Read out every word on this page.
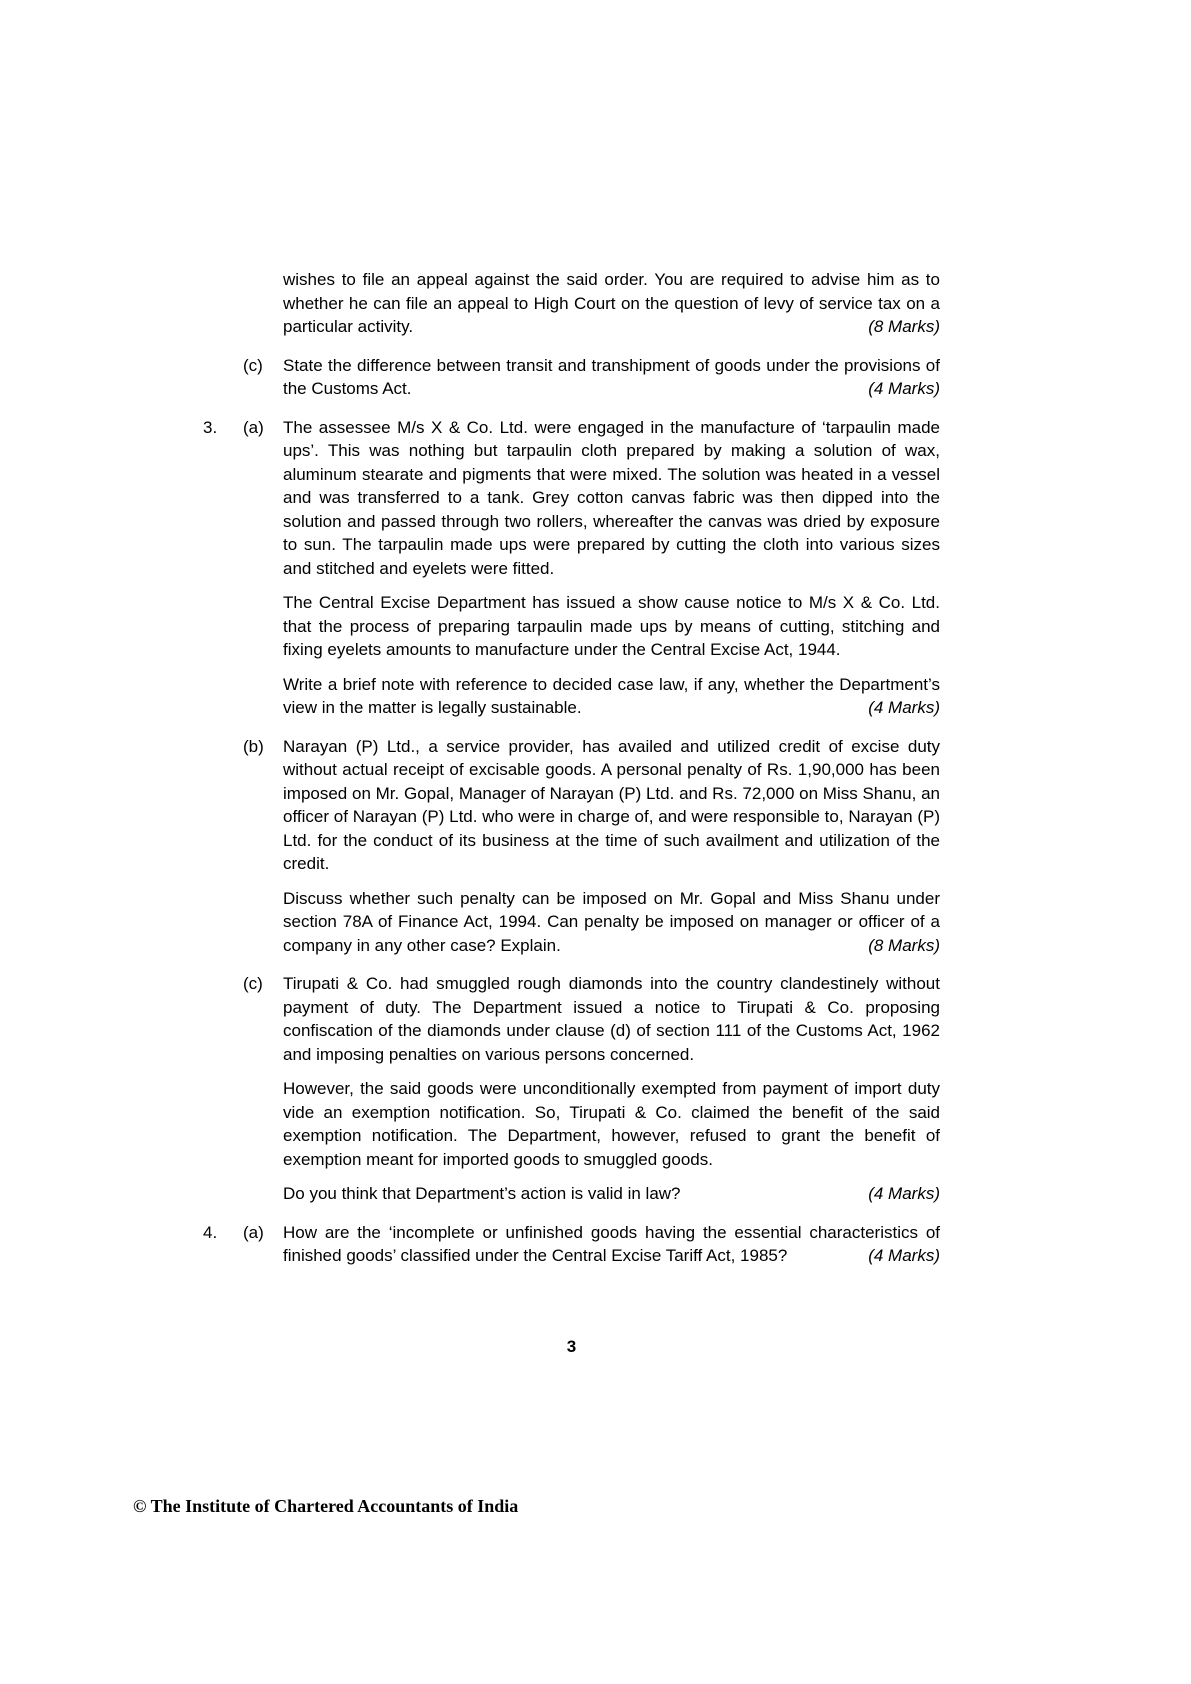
wishes to file an appeal against the said order. You are required to advise him as to whether he can file an appeal to High Court on the question of levy of service tax on a particular activity.	(8 Marks)
(c)	State the difference between transit and transhipment of goods under the provisions of the Customs Act.	(4 Marks)
3.	(a)	The assessee M/s X & Co. Ltd. were engaged in the manufacture of ‘tarpaulin made ups’. This was nothing but tarpaulin cloth prepared by making a solution of wax, aluminum stearate and pigments that were mixed. The solution was heated in a vessel and was transferred to a tank. Grey cotton canvas fabric was then dipped into the solution and passed through two rollers, whereafter the canvas was dried by exposure to sun. The tarpaulin made ups were prepared by cutting the cloth into various sizes and stitched and eyelets were fitted.
The Central Excise Department has issued a show cause notice to M/s X & Co. Ltd. that the process of preparing tarpaulin made ups by means of cutting, stitching and fixing eyelets amounts to manufacture under the Central Excise Act, 1944.
Write a brief note with reference to decided case law, if any, whether the Department’s view in the matter is legally sustainable.	(4 Marks)
(b)	Narayan (P) Ltd., a service provider, has availed and utilized credit of excise duty without actual receipt of excisable goods. A personal penalty of Rs. 1,90,000 has been imposed on Mr. Gopal, Manager of Narayan (P) Ltd. and Rs. 72,000 on Miss Shanu, an officer of Narayan (P) Ltd. who were in charge of, and were responsible to, Narayan (P) Ltd. for the conduct of its business at the time of such availment and utilization of the credit.
Discuss whether such penalty can be imposed on Mr. Gopal and Miss Shanu under section 78A of Finance Act, 1994. Can penalty be imposed on manager or officer of a company in any other case? Explain.	(8 Marks)
(c)	Tirupati & Co. had smuggled rough diamonds into the country clandestinely without payment of duty. The Department issued a notice to Tirupati & Co. proposing confiscation of the diamonds under clause (d) of section 111 of the Customs Act, 1962 and imposing penalties on various persons concerned.
However, the said goods were unconditionally exempted from payment of import duty vide an exemption notification. So, Tirupati & Co. claimed the benefit of the said exemption notification. The Department, however, refused to grant the benefit of exemption meant for imported goods to smuggled goods.
Do you think that Department’s action is valid in law?	(4 Marks)
4.	(a)	How are the ‘incomplete or unfinished goods having the essential characteristics of finished goods’ classified under the Central Excise Tariff Act, 1985?	(4 Marks)
3
© The Institute of Chartered Accountants of India
